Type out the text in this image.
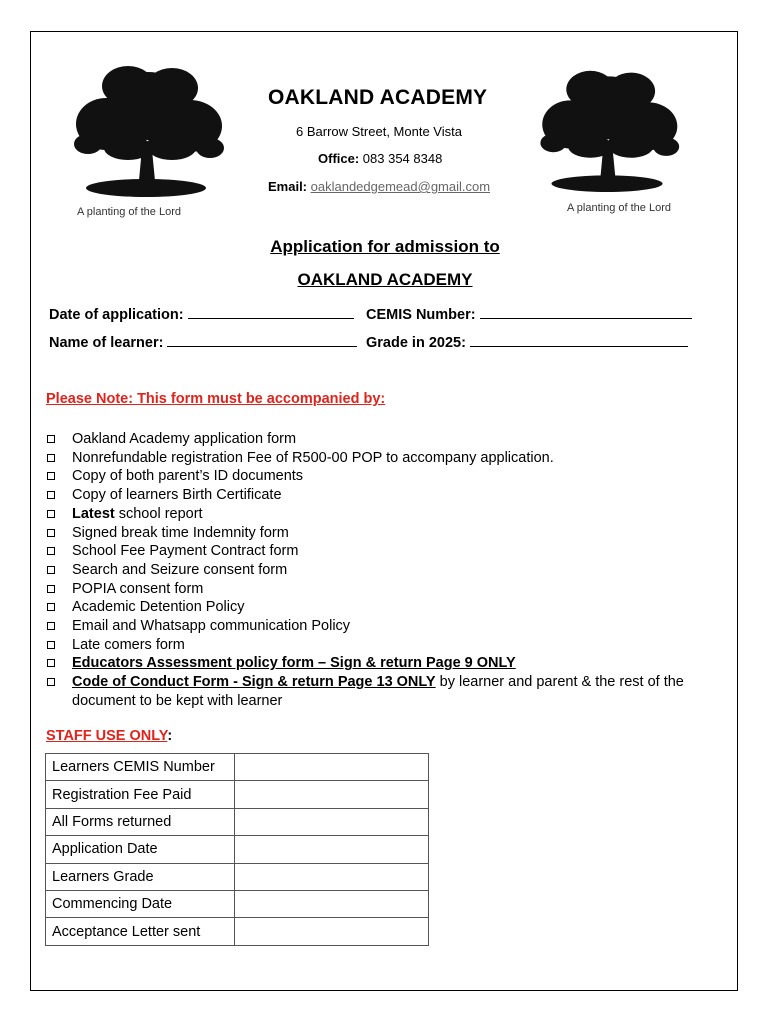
A planting of the Lord	A planting of the Lord
OAKLAND ACADEMY
6 Barrow Street, Monte Vista
Office: 083 354 8348
Email: oaklandedgemead@gmail.com
Application for admission to
OAKLAND ACADEMY
Date of application:	CEMIS Number:
Name of learner:	Grade in 2025:
Please Note: This form must be accompanied by:
Oakland Academy application form
Nonrefundable registration Fee of R500-00 POP to accompany application.
Copy of both parent’s ID documents
Copy of learners Birth Certificate
Latest school report
Signed break time Indemnity form
School Fee Payment Contract form
Search and Seizure consent form
POPIA consent form
Academic Detention Policy
Email and Whatsapp communication Policy
Late comers form
Educators Assessment policy form – Sign & return Page 9 ONLY
Code of Conduct Form - Sign & return Page 13 ONLY by learner and parent & the rest of the document to be kept with learner
STAFF USE ONLY:
Learners CEMIS Number	
Registration Fee Paid	
All Forms returned	
Application Date	
Learners Grade	
Commencing Date	
Acceptance Letter sent	
